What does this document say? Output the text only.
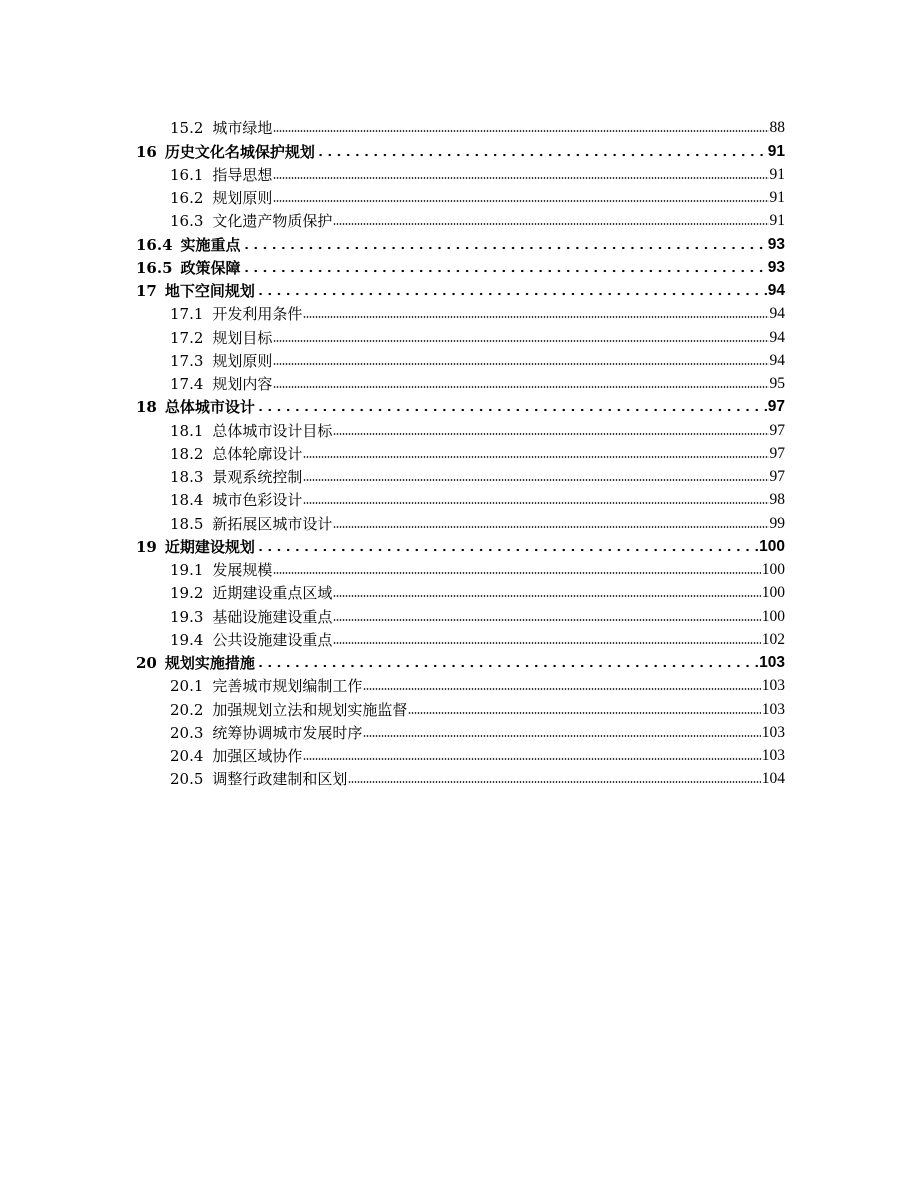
15.2 城市绿地	88
16 历史文化名城保护规划	91
16.1 指导思想	91
16.2 规划原则	91
16.3 文化遗产物质保护	91
16.4 实施重点	93
16.5 政策保障	93
17 地下空间规划	94
17.1 开发利用条件	94
17.2 规划目标	94
17.3 规划原则	94
17.4 规划内容	95
18 总体城市设计	97
18.1 总体城市设计目标	97
18.2 总体轮廓设计	97
18.3 景观系统控制	97
18.4 城市色彩设计	98
18.5 新拓展区城市设计	99
19 近期建设规划	100
19.1 发展规模	100
19.2 近期建设重点区域	100
19.3 基础设施建设重点	100
19.4 公共设施建设重点	102
20 规划实施措施	103
20.1 完善城市规划编制工作	103
20.2 加强规划立法和规划实施监督	103
20.3 统筹协调城市发展时序	103
20.4 加强区域协作	103
20.5 调整行政建制和区划	104
